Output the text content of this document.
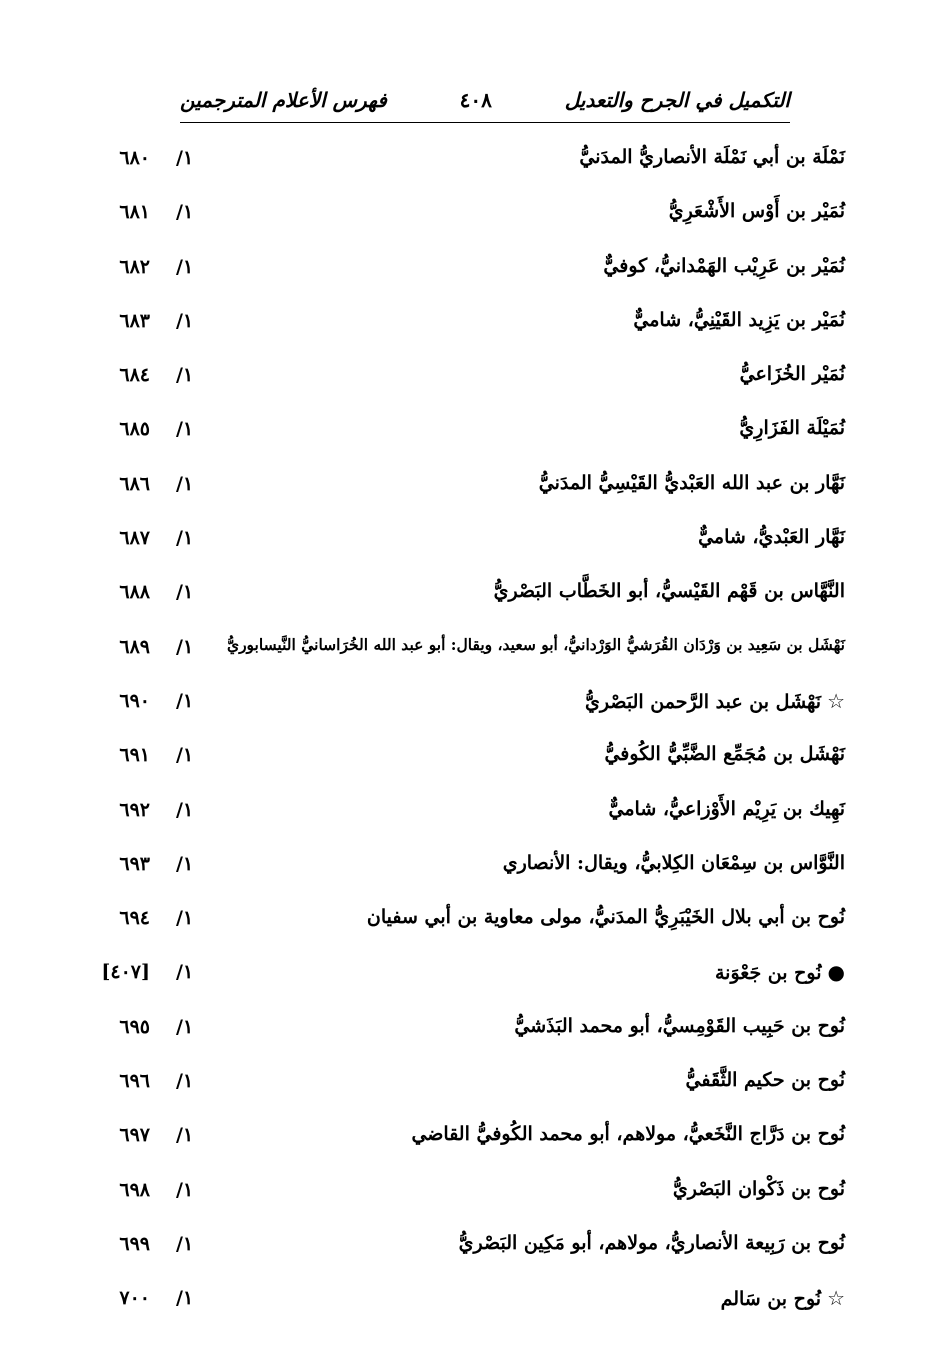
التكميل في الجرح والتعديل
٤٠٨
فهرس الأعلام المترجمين
نَمْلَة بن أبي نَمْلَة الأنصاريُّ المدَنيُّ
١/
٦٨٠
نُمَيْر بن أَوْس الأَشْعَرِيُّ
١/
٦٨١
نُمَيْر بن عَرِيْب الهَمْدانيُّ، كوفيٌّ
١/
٦٨٢
نُمَيْر بن يَزِيد القَيْنِيُّ، شاميٌّ
١/
٦٨٣
نُمَيْر الخُزَاعيُّ
١/
٦٨٤
نُمَيْلَة الفَزَارِيُّ
١/
٦٨٥
نَهَّار بن عبد الله العَبْديُّ القَيْسِيُّ المدَنيُّ
١/
٦٨٦
نَهَّار العَبْديُّ، شاميٌّ
١/
٦٨٧
النَّهَّاس بن قَهْم القَيْسيُّ، أبو الخَطَّاب البَصْريُّ
١/
٦٨٨
نَهْشَل بن سَعِيد بن وَرْدَان القُرَشيُّ الوَرْدانيُّ، أبو سعيد، ويقال: أبو عبد الله الخُرَاسانيُّ النَّيسابوريُّ
١/
٦٨٩
☆نَهْشَل بن عبد الرَّحمن البَصْريُّ
١/
٦٩٠
نَهْشَل بن مُجَمِّع الضَّبِّيُّ الكُوفيُّ
١/
٦٩١
نَهِيك بن يَرِيْم الأَوْزاعيُّ، شاميٌّ
١/
٦٩٢
النَّوَّاس بن سِمْعَان الكِلابيُّ، ويقال: الأنصاري
١/
٦٩٣
نُوح بن أبي بلال الخَيْبَرِيُّ المدَنيُّ، مولى معاوية بن أبي سفيان
١/
٦٩٤
●نُوح بن جَعْوَنة
١/
[٤٠٧]
نُوح بن حَبِيب القَوْمِسيُّ، أبو محمد البَذَشيُّ
١/
٦٩٥
نُوح بن حكيم الثَّقَفيُّ
١/
٦٩٦
نُوح بن دَرَّاج النَّخَعيُّ، مولاهم، أبو محمد الكُوفيُّ القاضي
١/
٦٩٧
نُوح بن ذَكْوان البَصْريُّ
١/
٦٩٨
نُوح بن رَبِيعة الأنصاريُّ، مولاهم، أبو مَكِين البَصْريُّ
١/
٦٩٩
☆نُوح بن سَالم
١/
٧٠٠
